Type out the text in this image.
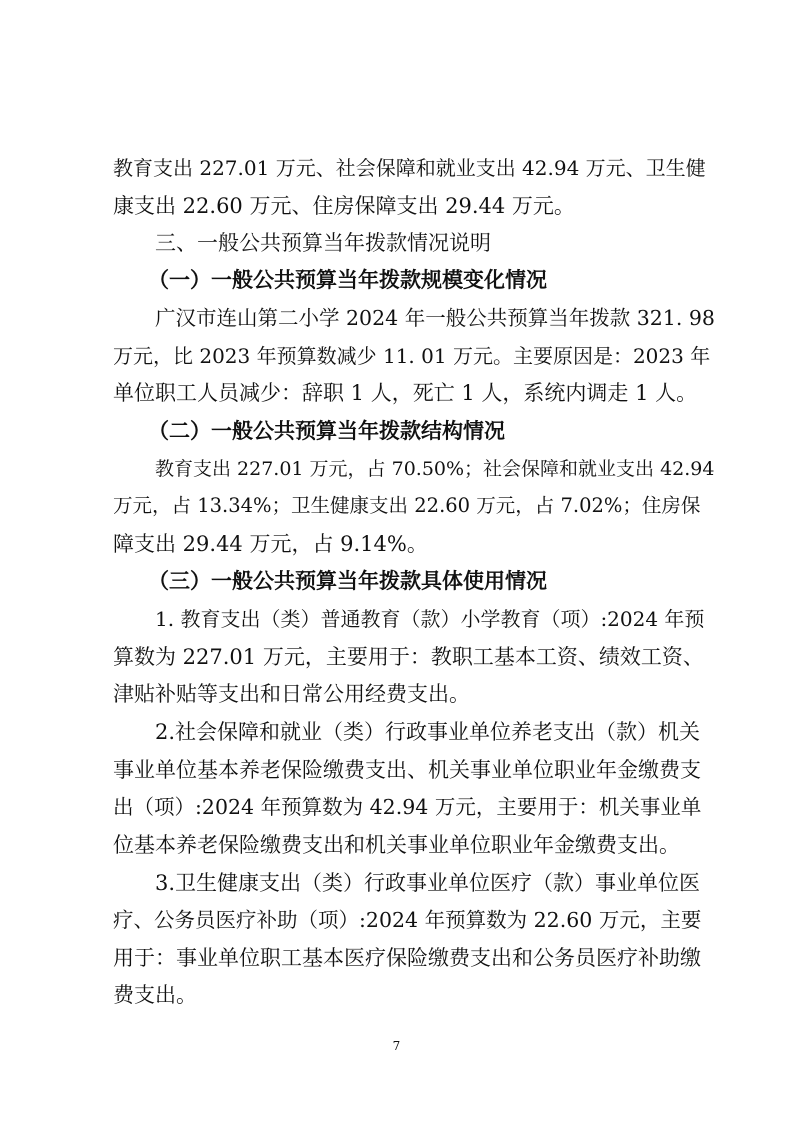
教育支出 227.01 万元、社会保障和就业支出 42.94 万元、卫生健
康支出 22.60 万元、住房保障支出 29.44 万元。
三、一般公共预算当年拨款情况说明
（一）一般公共预算当年拨款规模变化情况
广汉市连山第二小学 2024 年一般公共预算当年拨款 321. 98
万元，比 2023 年预算数减少 11. 01 万元。主要原因是：2023 年
单位职工人员减少：辞职 1 人，死亡 1 人，系统内调走 1 人。
（二）一般公共预算当年拨款结构情况
教育支出 227.01 万元，占 70.50%；社会保障和就业支出 42.94
万元，占 13.34%；卫生健康支出 22.60 万元，占 7.02%；住房保
障支出 29.44 万元，占 9.14%。
（三）一般公共预算当年拨款具体使用情况
1. 教育支出（类）普通教育（款）小学教育（项）:2024 年预
算数为 227.01 万元，主要用于：教职工基本工资、绩效工资、
津贴补贴等支出和日常公用经费支出。
2.社会保障和就业（类）行政事业单位养老支出（款）机关
事业单位基本养老保险缴费支出、机关事业单位职业年金缴费支
出（项）:2024 年预算数为 42.94 万元，主要用于：机关事业单
位基本养老保险缴费支出和机关事业单位职业年金缴费支出。
3.卫生健康支出（类）行政事业单位医疗（款）事业单位医
疗、公务员医疗补助（项）:2024 年预算数为 22.60 万元，主要
用于：事业单位职工基本医疗保险缴费支出和公务员医疗补助缴
费支出。
7
